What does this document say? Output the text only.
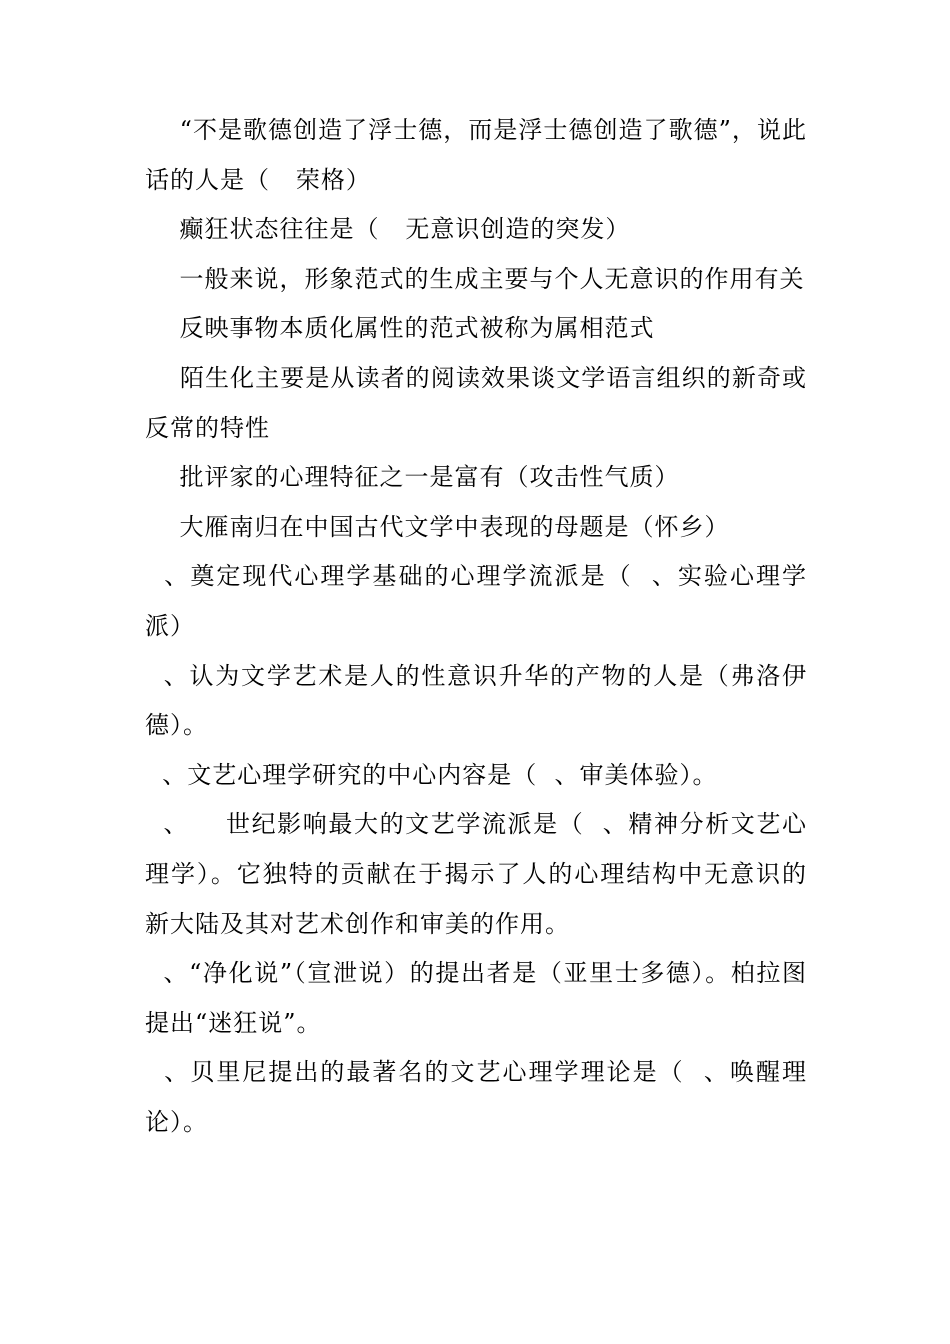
“不是歌德创造了浮士德，而是浮士德创造了歌德”，说此话的人是（   荣格）

癫狂状态往往是（   无意识创造的突发）

一般来说，形象范式的生成主要与个人无意识的作用有关

反映事物本质化属性的范式被称为属相范式

陌生化主要是从读者的阅读效果谈文学语言组织的新奇或反常的特性

批评家的心理特征之一是富有（攻击性气质）

大雁南归在中国古代文学中表现的母题是（怀乡）

、奠定现代心理学基础的心理学流派是（  、实验心理学派）

、认为文学艺术是人的性意识升华的产物的人是（弗洛伊德）。

、文艺心理学研究的中心内容是（  、审美体验）。

、    世纪影响最大的文艺学流派是（  、精神分析文艺心理学）。它独特的贡献在于揭示了人的心理结构中无意识的新大陆及其对艺术创作和审美的作用。

、“净化说”（宣泄说）的提出者是（亚里士多德）。柏拉图提出“迷狂说”。

、贝里尼提出的最著名的文艺心理学理论是（  、唤醒理论）。
